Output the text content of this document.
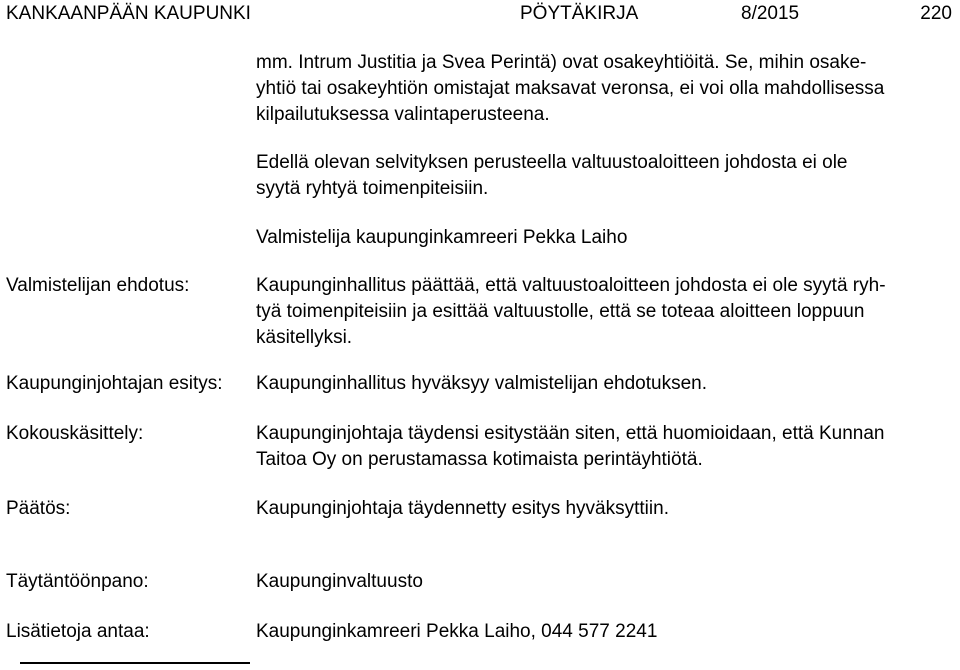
KANKAANPÄÄN KAUPUNKI	PÖYTÄKIRJA	8/2015	220
mm. Intrum Justitia ja Svea Perintä) ovat osakeyhtiöitä. Se, mihin osake-
yhtiö tai osakeyhtiön omistajat maksavat veronsa, ei voi olla mahdollisessa
kilpailutuksessa valintaperusteena.
Edellä olevan selvityksen perusteella valtuustoaloitteen johdosta ei ole
syytä ryhtyä toimenpiteisiin.
Valmistelija kaupunginkamreeri Pekka Laiho
Valmistelijan ehdotus:	Kaupunginhallitus päättää, että valtuustoaloitteen johdosta ei ole syytä ryh-
tyä toimenpiteisiin ja esittää valtuustolle, että se toteaa aloitteen loppuun
käsitellyksi.
Kaupunginjohtajan esitys: Kaupunginhallitus hyväksyy valmistelijan ehdotuksen.
Kokouskäsittely:	Kaupunginjohtaja täydensi esitystään siten, että huomioidaan, että Kunnan
Taitoa Oy on perustamassa kotimaista perintäyhtiötä.
Päätös:	Kaupunginjohtaja täydennetty esitys hyväksyttiin.
Täytäntöönpano:	Kaupunginvaltuusto
Lisätietoja antaa:	Kaupunginkamreeri Pekka Laiho, 044 577 2241
